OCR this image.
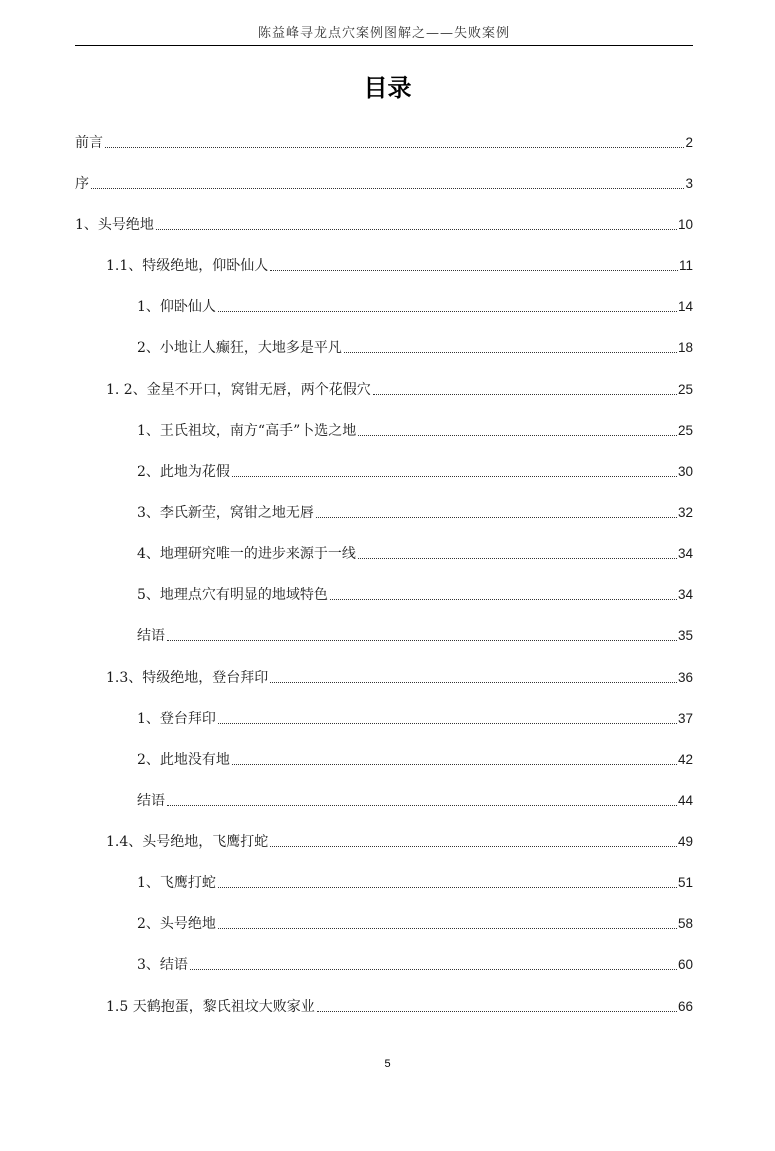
陈益峰寻龙点穴案例图解之——失败案例
目录
前言	2
序	3
1、头号绝地	10
1.1、特级绝地，仰卧仙人	11
1、仰卧仙人	14
2、小地让人癫狂，大地多是平凡	18
1. 2、金星不开口，窝钳无唇，两个花假穴	25
1、王氏祖坟，南方“高手”卜选之地	25
2、此地为花假	30
3、李氏新茔，窝钳之地无唇	32
4、地理研究唯一的进步来源于一线	34
5、地理点穴有明显的地域特色	34
结语	35
1.3、特级绝地，登台拜印	36
1、登台拜印	37
2、此地没有地	42
结语	44
1.4、头号绝地，飞鹰打蛇	49
1、飞鹰打蛇	51
2、头号绝地	58
3、结语	60
1.5 天鹤抱蛋，黎氏祖坟大败家业	66
5
